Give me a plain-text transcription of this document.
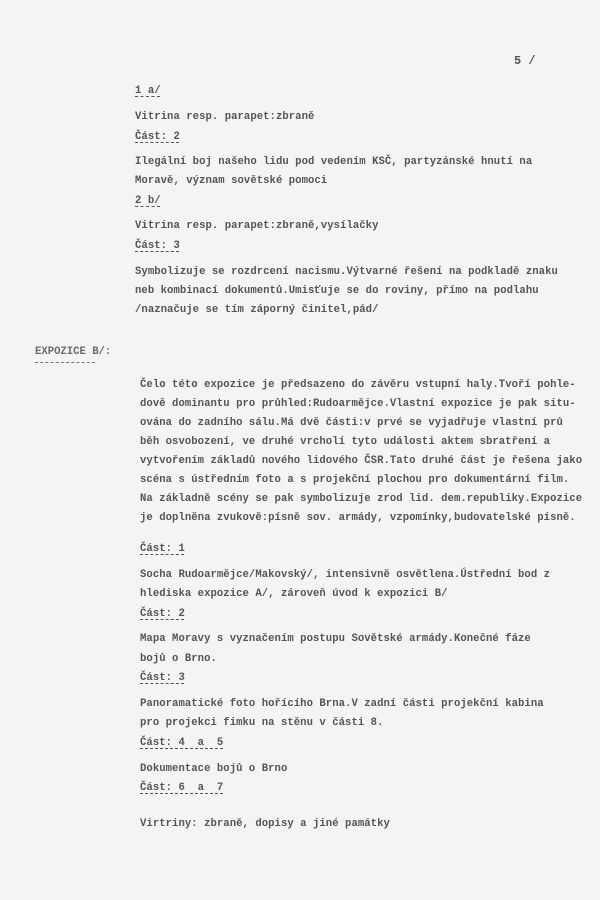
5 /
1 a/
Vitrina resp. parapet:zbraně
Část: 2
Ilegální boj našeho lidu pod vedením KSČ, partyzánské hnutí na
Moravě, význam sovětské pomoci
2 b/
Vitrina resp. parapet:zbraně,vysílačky
Část: 3
Symbolizuje se rozdrcení nacismu.Výtvarné řešení na podkladě znaku
neb kombinací dokumentů.Umisťuje se do roviny, přímo na podlahu
/naznačuje se tím záporný činitel,pád/
EXPOZICE B/:
Čelo této expozice je předsazeno do závěru vstupní haly.Tvoří pohle-
dově dominantu pro průhled:Rudoarmějce.Vlastní expozice je pak situ-
ována do zadního sálu.Má dvě části:v prvé se vyjadřuje vlastní prů
běh osvobození, ve druhé vrcholí tyto události aktem sbratření a
vytvořením základů nového lidového ČSR.Tato druhé část je řešena jako
scéna s ústředním foto a s projekční plochou pro dokumentární film.
Na základně scény se pak symbolizuje zrod lid. dem.republiky.Expozice
je doplněna zvukově:písně sov. armády, vzpomínky,budovatelské písně.
Část: 1
Socha Rudoarmějce/Makovský/, intensivně osvětlena.Ústřední bod z
hlediska expozice A/, zároveň úvod k expozici B/
Část: 2
Mapa Moravy s vyznačením postupu Sovětské armády.Konečné fáze
bojů o Brno.
Část: 3
Panoramatické foto hořícího Brna.V zadní části projekční kabina
pro projekci fimku na stěnu v části 8.
Část: 4  a  5
Dokumentace bojů o Brno
Část: 6  a  7
Virtriny: zbraně, dopisy a jiné památky
